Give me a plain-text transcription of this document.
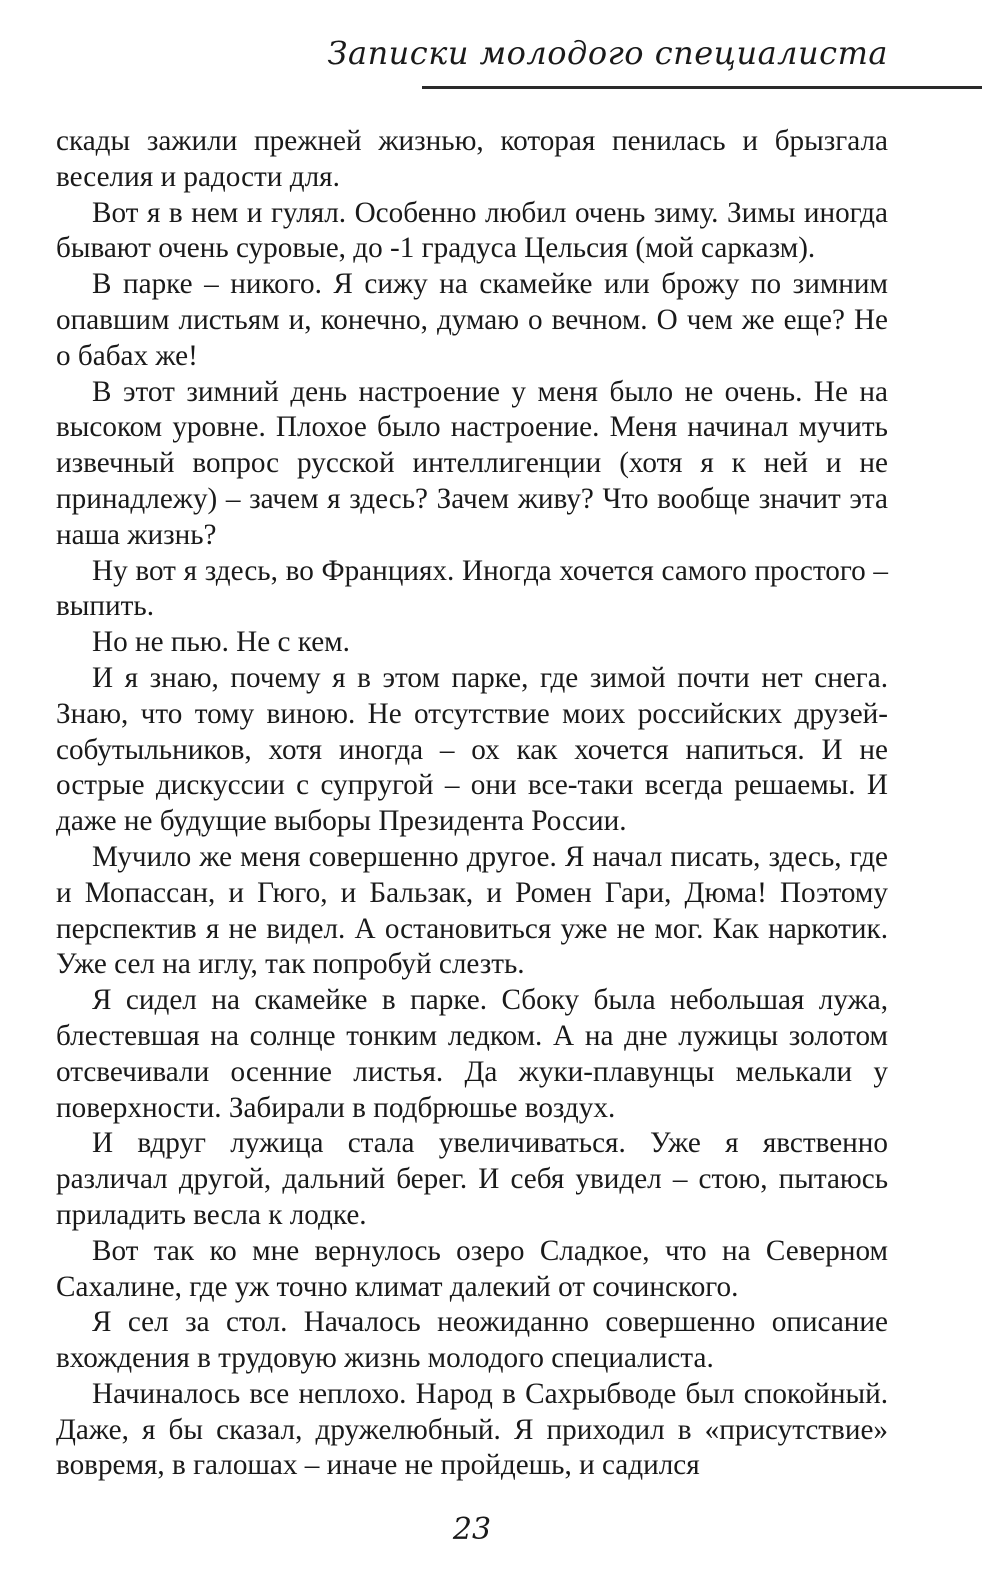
Записки молодого специалиста

скады зажили прежней жизнью, которая пенилась и брызгала веселия и радости для.

Вот я в нем и гулял. Особенно любил очень зиму. Зимы иногда бывают очень суровые, до -1 градуса Цельсия (мой сарказм).

В парке – никого. Я сижу на скамейке или брожу по зимним опавшим листьям и, конечно, думаю о вечном. О чем же еще? Не о бабах же!

В этот зимний день настроение у меня было не очень. Не на высоком уровне. Плохое было настроение. Меня начинал мучить извечный вопрос русской интеллигенции (хотя я к ней и не принадлежу) – зачем я здесь? Зачем живу? Что вообще значит эта наша жизнь?

Ну вот я здесь, во Франциях. Иногда хочется самого простого – выпить.

Но не пью. Не с кем.

И я знаю, почему я в этом парке, где зимой почти нет снега. Знаю, что тому виною. Не отсутствие моих российских друзей-собутыльников, хотя иногда – ох как хочется напиться. И не острые дискуссии с супругой – они все-таки всегда решаемы. И даже не будущие выборы Президента России.

Мучило же меня совершенно другое. Я начал писать, здесь, где и Мопассан, и Гюго, и Бальзак, и Ромен Гари, Дюма! Поэтому перспектив я не видел. А остановиться уже не мог. Как наркотик. Уже сел на иглу, так попробуй слезть.

Я сидел на скамейке в парке. Сбоку была небольшая лужа, блестевшая на солнце тонким ледком. А на дне лужицы золотом отсвечивали осенние листья. Да жуки-плавунцы мелькали у поверхности. Забирали в подбрюшье воздух.

И вдруг лужица стала увеличиваться. Уже я явственно различал другой, дальний берег. И себя увидел – стою, пытаюсь приладить весла к лодке.

Вот так ко мне вернулось озеро Сладкое, что на Северном Сахалине, где уж точно климат далекий от сочинского.

Я сел за стол. Началось неожиданно совершенно описание вхождения в трудовую жизнь молодого специалиста.

Начиналось все неплохо. Народ в Сахрыбводе был спокойный. Даже, я бы сказал, дружелюбный. Я приходил в «присутствие» вовремя, в галошах – иначе не пройдешь, и садился

23
